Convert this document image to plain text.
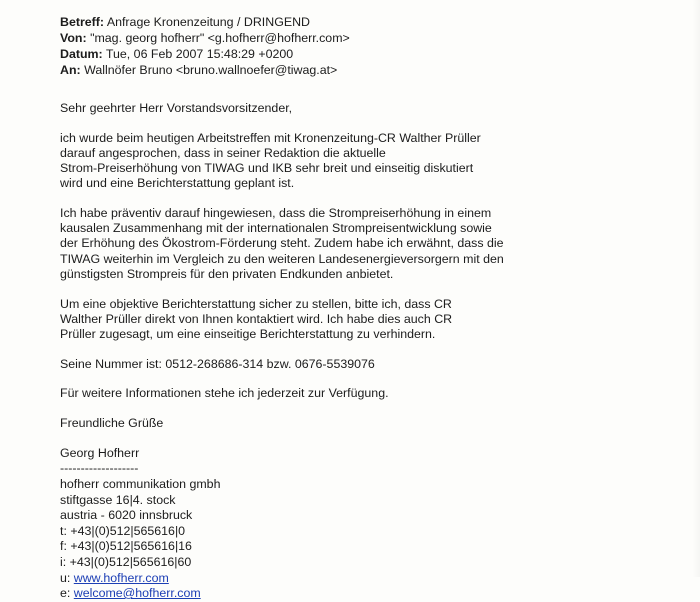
Betreff: Anfrage Kronenzeitung / DRINGEND
Von: "mag. georg hofherr" <g.hofherr@hofherr.com>
Datum: Tue, 06 Feb 2007 15:48:29 +0200
An: Wallnöfer Bruno <bruno.wallnoefer@tiwag.at>
Sehr geehrter Herr Vorstandsvorsitzender,
ich wurde beim heutigen Arbeitstreffen mit Kronenzeitung-CR Walther Prüller
darauf angesprochen, dass in seiner Redaktion die aktuelle
Strom-Preiserhöhung von TIWAG und IKB sehr breit und einseitig diskutiert
wird und eine Berichterstattung geplant ist.
Ich habe präventiv darauf hingewiesen, dass die Strompreiserhöhung in einem
kausalen Zusammenhang mit der internationalen Strompreisentwicklung sowie
der Erhöhung des Ökostrom-Förderung steht. Zudem habe ich erwähnt, dass die
TIWAG weiterhin im Vergleich zu den weiteren Landesenergieversorgern mit den
günstigsten Strompreis für den privaten Endkunden anbietet.
Um eine objektive Berichterstattung sicher zu stellen, bitte ich, dass CR
Walther Prüller direkt von Ihnen kontaktiert wird. Ich habe dies auch CR
Prüller zugesagt, um eine einseitige Berichterstattung zu verhindern.
Seine Nummer ist: 0512-268686-314 bzw. 0676-5539076
Für weitere Informationen stehe ich jederzeit zur Verfügung.
Freundliche Grüße
Georg Hofherr
-------------------
hofherr communikation gmbh
stiftgasse 16|4. stock
austria - 6020 innsbruck
t: +43|(0)512|565616|0
f: +43|(0)512|565616|16
i: +43|(0)512|565616|60
u: www.hofherr.com
e: welcome@hofherr.com
